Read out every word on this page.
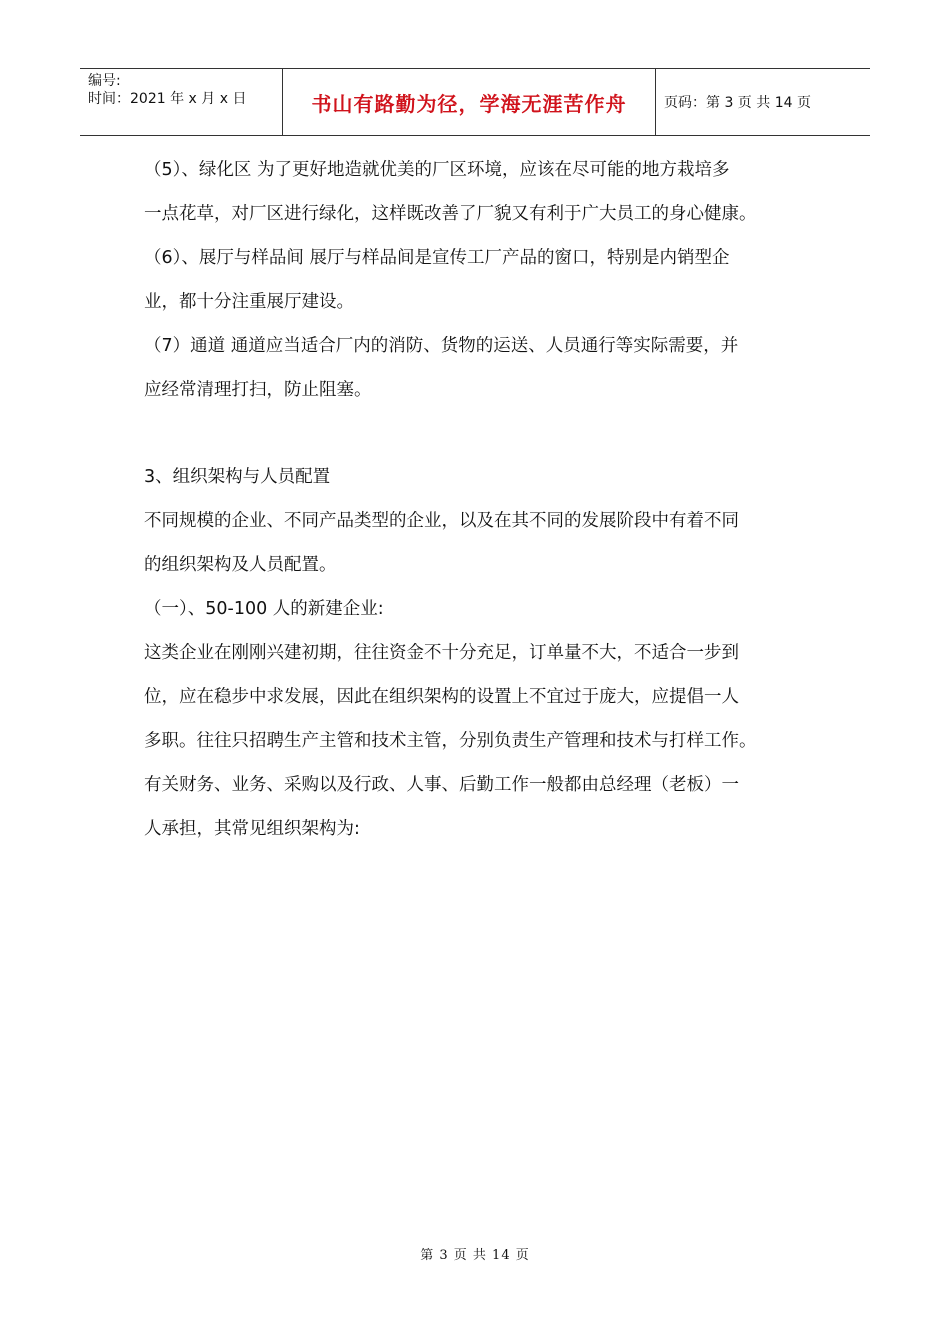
编号:
时间：2021 年 x 月 x 日	书山有路勤为径，学海无涯苦作舟	页码：第 3 页 共 14 页
（5）、绿化区 为了更好地造就优美的厂区环境，应该在尽可能的地方栽培多
一点花草，对厂区进行绿化，这样既改善了厂貌又有利于广大员工的身心健康。
（6）、展厅与样品间 展厅与样品间是宣传工厂产品的窗口，特别是内销型企
业，都十分注重展厅建设。
（7）通道 通道应当适合厂内的消防、货物的运送、人员通行等实际需要，并
应经常清理打扫，防止阻塞。
3、组织架构与人员配置
不同规模的企业、不同产品类型的企业，以及在其不同的发展阶段中有着不同
的组织架构及人员配置。
（一）、50-100 人的新建企业:
这类企业在刚刚兴建初期，往往资金不十分充足，订单量不大，不适合一步到
位，应在稳步中求发展，因此在组织架构的设置上不宜过于庞大，应提倡一人
多职。往往只招聘生产主管和技术主管，分别负责生产管理和技术与打样工作。
有关财务、业务、采购以及行政、人事、后勤工作一般都由总经理（老板）一
人承担，其常见组织架构为:
第 3 页 共 14 页
